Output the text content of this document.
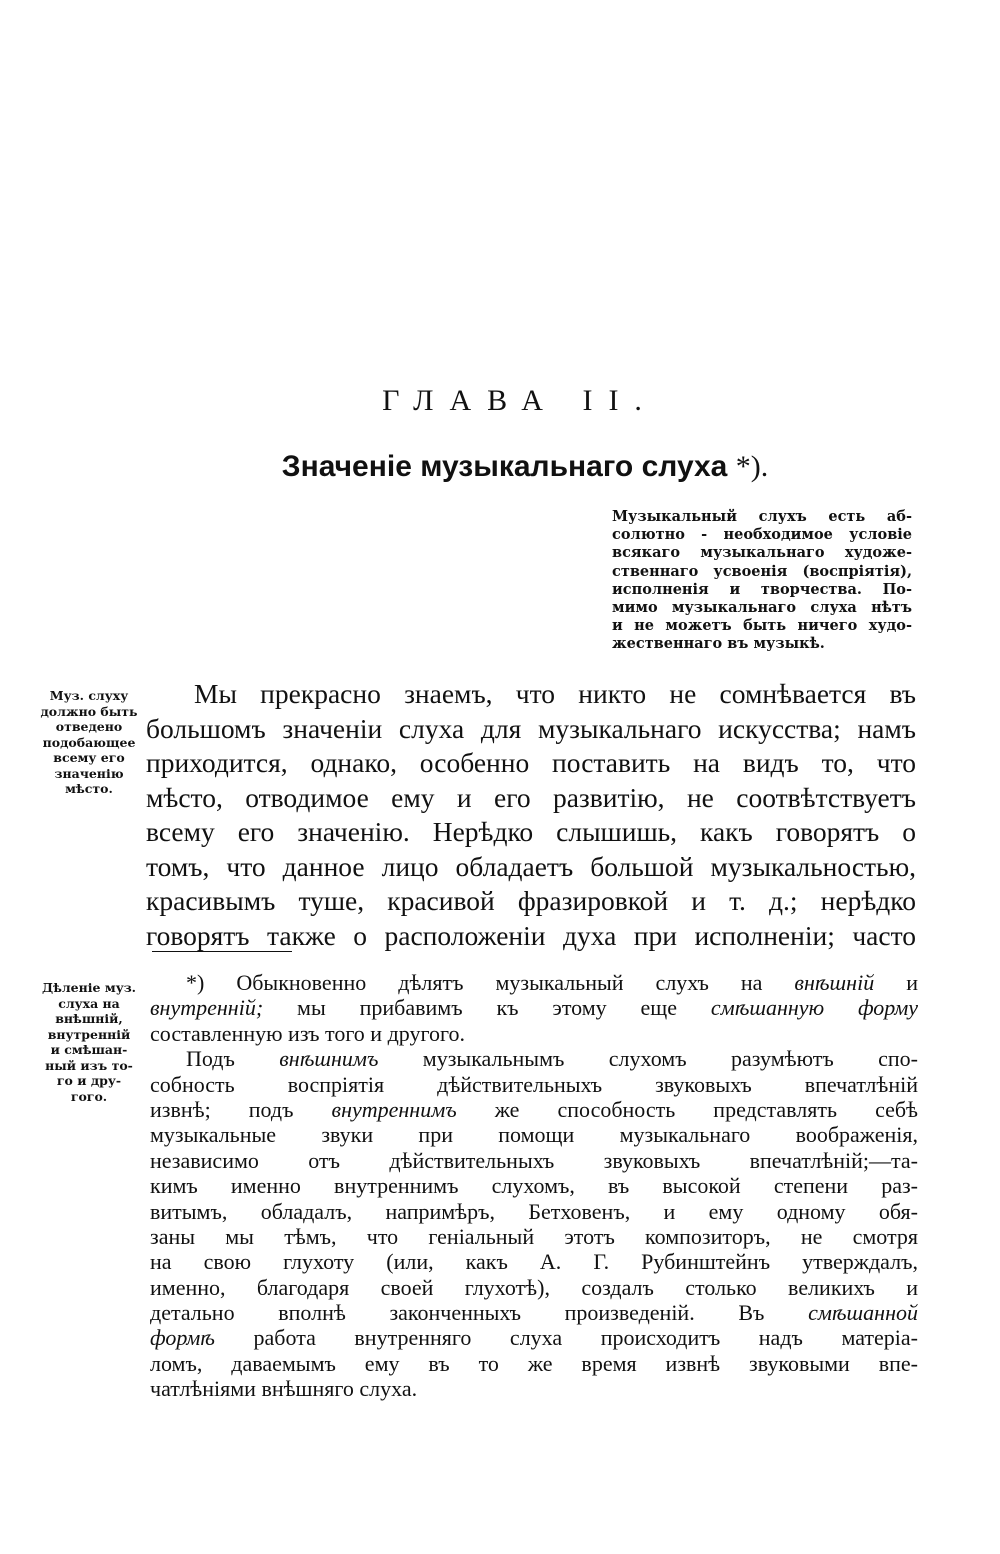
ГЛАВА II.
Значеніе музыкальнаго слуха *).
Музыкальный слухъ есть аб-
солютно - необходимое условіе
всякаго музыкальнаго художе-
ственнаго усвоенія (воспріятія),
исполненія и творчества. По-
мимо музыкальнаго слуха нѣтъ
и не можетъ быть ничего худо-
жественнаго въ музыкѣ.
Муз. слуху
должно быть
отведено
подобающее
всему его
значенію
мѣсто.
Мы прекрасно знаемъ, что никто не сомнѣвается въ
большомъ значеніи слуха для музыкальнаго искусства; намъ
приходится, однако, особенно поставить на видъ то, что
мѣсто, отводимое ему и его развитію, не соотвѣтствуетъ
всему его значенію. Нерѣдко слышишь, какъ говорятъ о
томъ, что данное лицо обладаетъ большой музыкальностью,
красивымъ туше, красивой фразировкой и т. д.; нерѣдко
говорятъ также о расположеніи духа при исполненіи; часто
Дѣленіе муз.
слуха на
внѣшній,
внутренній
и смѣшан-
ный изъ то-
го и дру-
гого.
*) Обыкновенно дѣлятъ музыкальный слухъ на внѣшній и
внутренній; мы прибавимъ къ этому еще смѣшанную форму
составленную изъ того и другого.
Подъ внѣшнимъ музыкальнымъ слухомъ разумѣютъ спо-
собность воспріятія дѣйствительныхъ звуковыхъ впечатлѣній
извнѣ; подъ внутреннимъ же способность представлять себѣ
музыкальные звуки при помощи музыкальнаго воображенія,
независимо отъ дѣйствительныхъ звуковыхъ впечатлѣній;—та-
кимъ именно внутреннимъ слухомъ, въ высокой степени раз-
витымъ, обладалъ, напримѣръ, Бетховенъ, и ему одному обя-
заны мы тѣмъ, что геніальный этотъ композиторъ, не смотря
на свою глухоту (или, какъ А. Г. Рубинштейнъ утверждалъ,
именно, благодаря своей глухотѣ), создалъ столько великихъ и
детально вполнѣ законченныхъ произведеній. Въ смѣшанной
формѣ работа внутренняго слуха происходитъ надъ матеріа-
ломъ, даваемымъ ему въ то же время извнѣ звуковыми впе-
чатлѣніями внѣшняго слуха.
